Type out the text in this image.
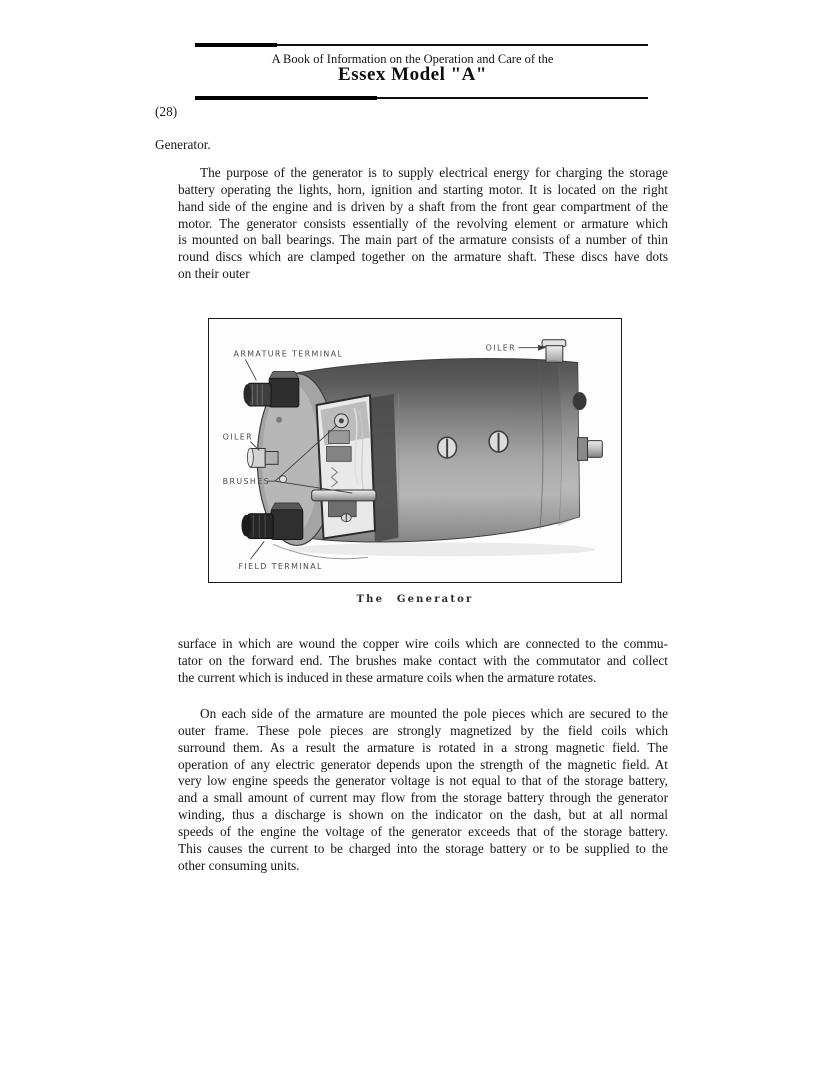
A Book of Information on the Operation and Care of the
Essex Model "A"
(28)
Generator.
The purpose of the generator is to supply electrical energy for charging the storage
battery operating the lights, horn, ignition and starting motor. It is located on the right
hand side of the engine and is driven by a shaft from the front gear compartment of the
motor. The generator consists essentially of the revolving element or armature which
is mounted on ball bearings. The main part of the armature consists of a number of thin
round discs which are clamped together on the armature shaft. These discs have dots
on their outer
ARMATURE TERMINAL
OILER
OILER
BRUSHES
FIELD TERMINAL
The Generator
surface in which are wound the copper wire coils which are connected to the commu-
tator on the forward end. The brushes make contact with the commutator and collect
the current which is induced in these armature coils when the armature rotates.
On each side of the armature are mounted the pole pieces which are secured to the
outer frame. These pole pieces are strongly magnetized by the field coils which
surround them. As a result the armature is rotated in a strong magnetic field. The
operation of any electric generator depends upon the strength of the magnetic field. At
very low engine speeds the generator voltage is not equal to that of the storage battery,
and a small amount of current may flow from the storage battery through the generator
winding, thus a discharge is shown on the indicator on the dash, but at all normal
speeds of the engine the voltage of the generator exceeds that of the storage battery.
This causes the current to be charged into the storage battery or to be supplied to the
other consuming units.
